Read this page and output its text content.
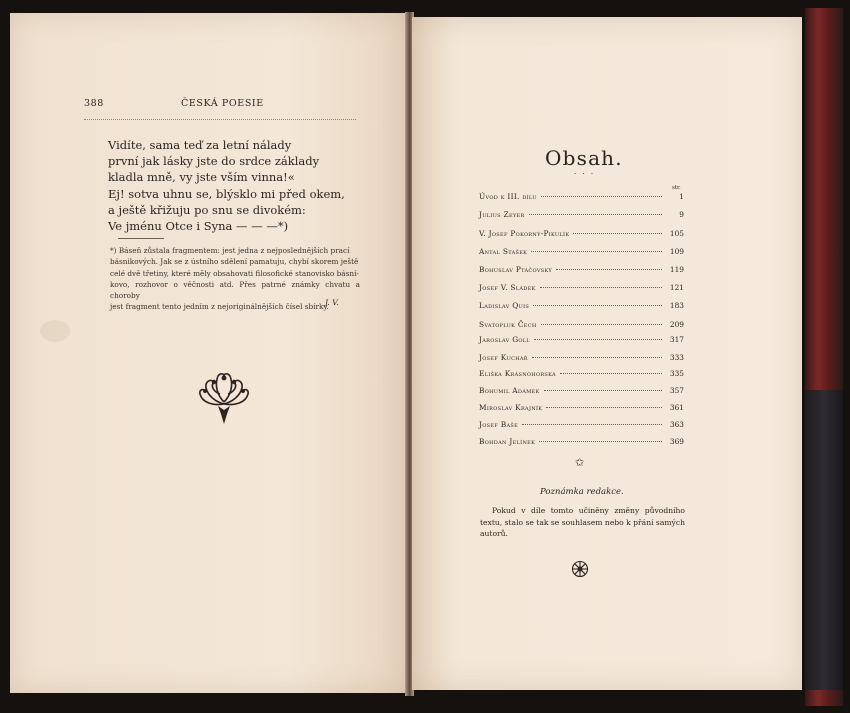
388	ČESKÁ POESIE
Vidíte, sama teď za letní nálady
první jak lásky jste do srdce základy
kladla mně, vy jste vším vinna!«
Ej! sotva uhnu se, blýsklo mi před okem,
a ještě křižuju po snu se divokém:
Ve jménu Otce i Syna — — —*)
*) Báseň zůstala fragmentem: jest jedna z nejposlednějších prací
básnikových. Jak se z ústního sdělení pamatuju, chybí skorem ještě
celé dvě třetiny, které měly obsahovati filosofické stanovisko básní-
kovo, rozhovor o věčnosti atd. Přes patrné známky chvatu a choroby
jest fragment tento jedním z nejoriginálnějších čísel sbírky.
J. V.
Obsah.
· · ·
str.
Úvod k III. dílu	1
Julius Zeyer	9
V. Josef Pokorný-Pikulík	105
Antal Stašek	109
Bohuslav Ptačovský	119
Josef V. Sládek	121
Ladislav Quis	183
Svatopluk Čech	209
Jaroslav Goll	317
Josef Kuchař	333
Eliška Krásnohorská	335
Bohumil Adámek	357
Miroslav Krajník	361
Josef Baše	363
Bohdan Jelínek	369
✩
Poznámka redakce.
Pokud v díle tomto učiněny změny původního textu, stalo se tak se souhlasem nebo k přání samých autorů.
